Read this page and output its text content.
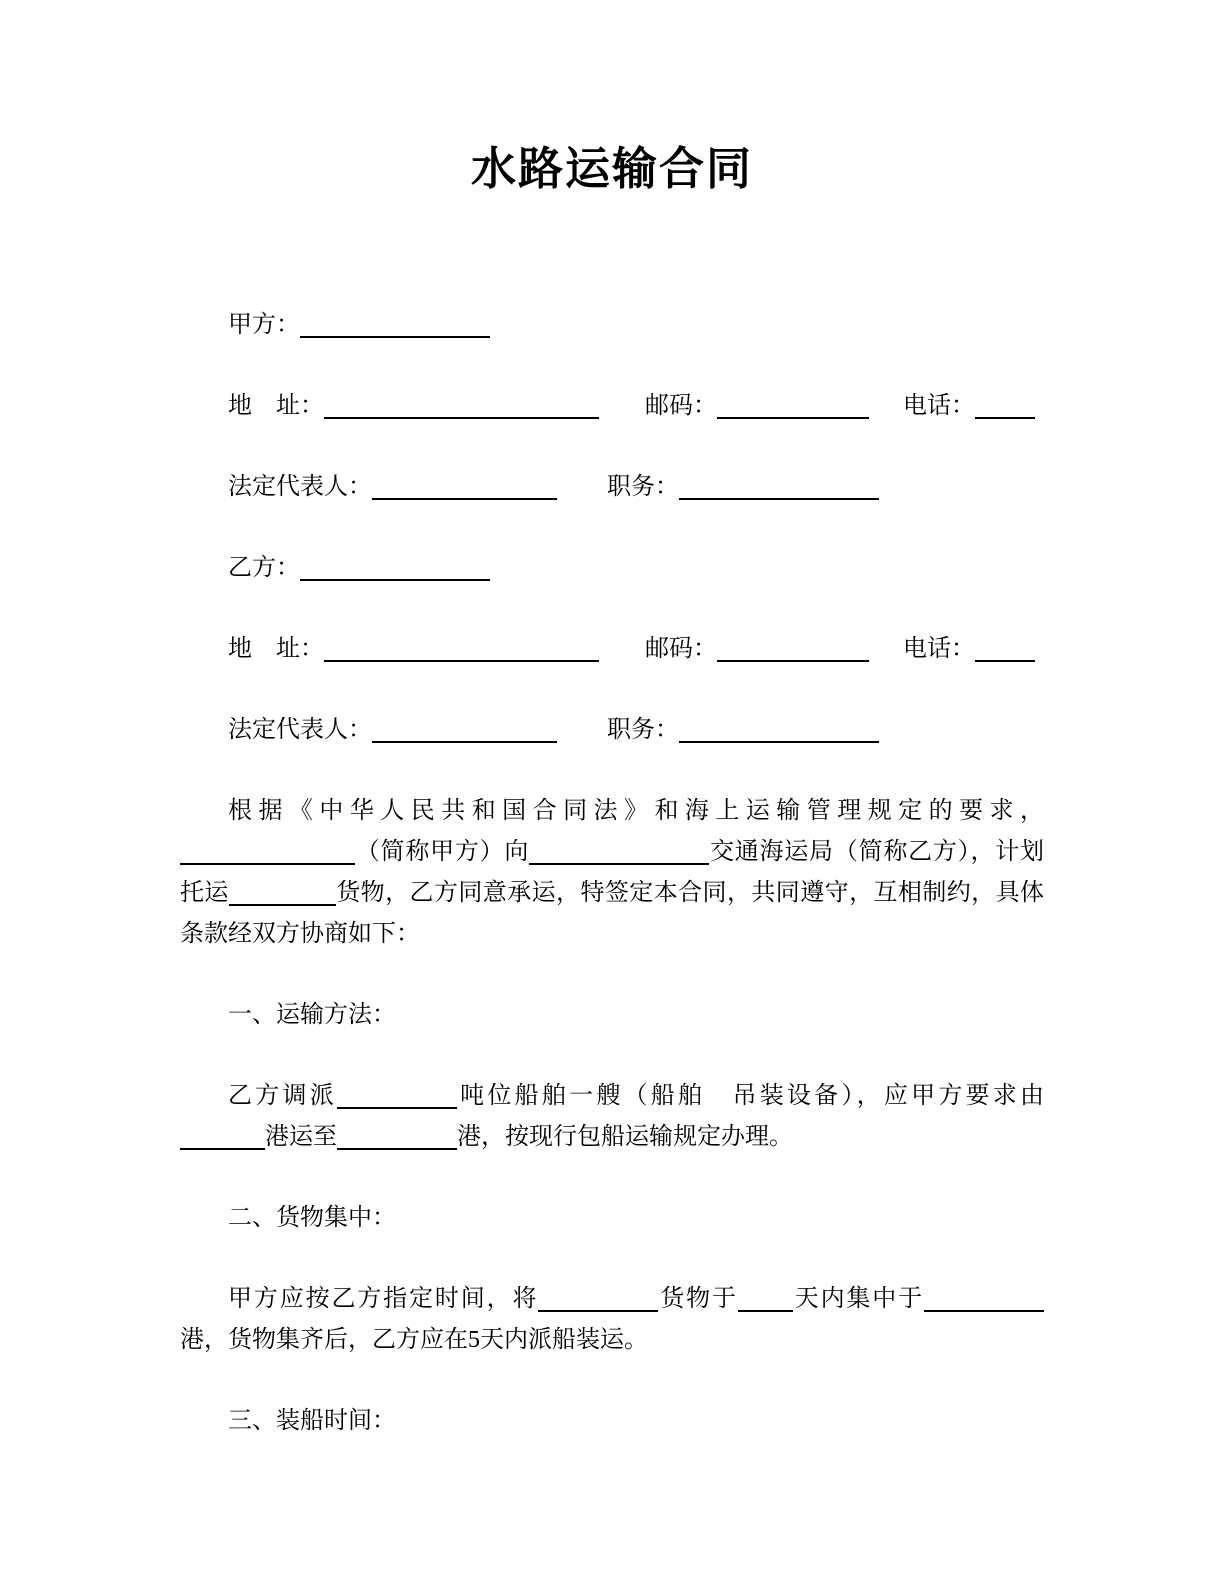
水路运输合同
甲方：
地　址：	邮码：	电话：
法定代表人：	职务：
乙方：
地　址：	邮码：	电话：
法定代表人：	职务：

根据《中华人民共和国合同法》和海上运输管理规定的要求，（简称甲方）向	交通海运局（简称乙方），计划托运	货物，乙方同意承运，特签定本合同，共同遵守，互相制约，具体条款经双方协商如下：

一、运输方法：

乙方调派	吨位船舶一艘（船舶　吊装设备），应甲方要求由港运至	港，按现行包船运输规定办理。

二、货物集中：

甲方应按乙方指定时间，将	货物于 天内集中于港，货物集齐后，乙方应在5天内派船装运。

三、装船时间：
